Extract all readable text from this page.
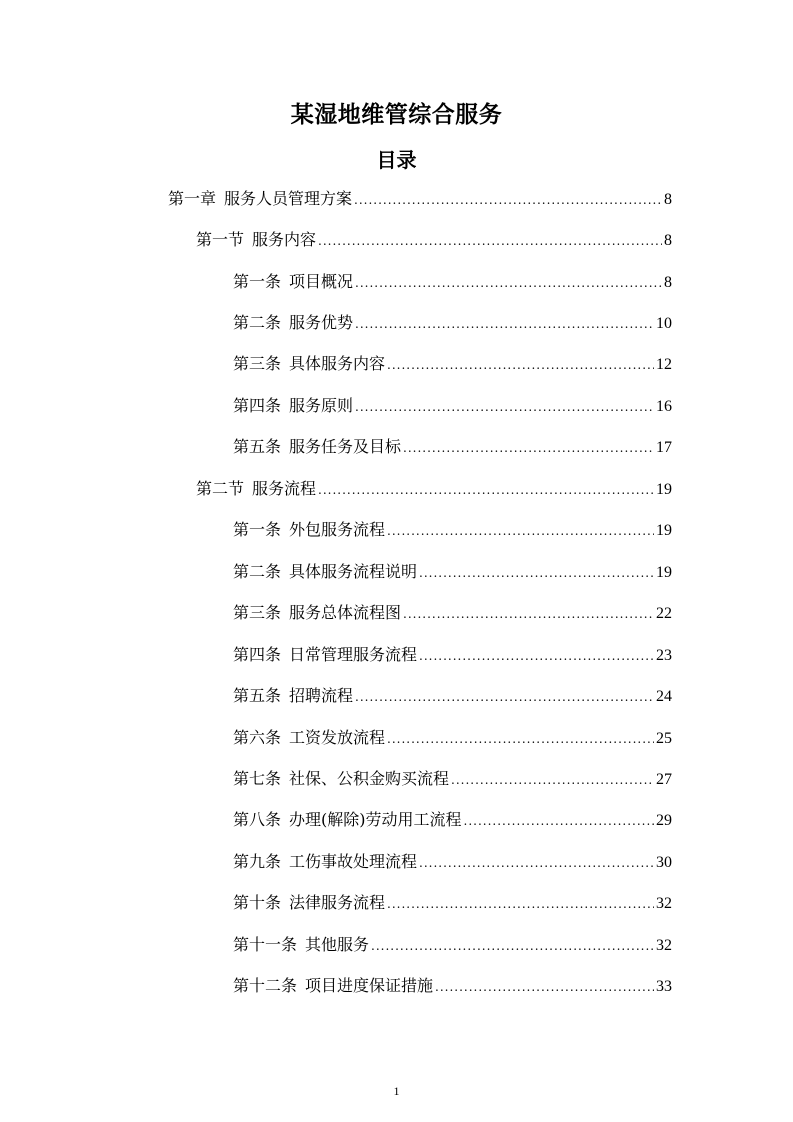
某湿地维管综合服务
目录
第一章 服务人员管理方案 .....	8
第一节 服务内容 .....	8
第一条 项目概况 .....	8
第二条 服务优势 .....	10
第三条 具体服务内容 .....	12
第四条 服务原则 .....	16
第五条 服务任务及目标 .....	17
第二节 服务流程 .....	19
第一条 外包服务流程 .....	19
第二条 具体服务流程说明 .....	19
第三条 服务总体流程图 .....	22
第四条 日常管理服务流程 .....	23
第五条 招聘流程 .....	24
第六条 工资发放流程 .....	25
第七条 社保、公积金购买流程 .....	27
第八条 办理(解除)劳动用工流程 .....	29
第九条 工伤事故处理流程 .....	30
第十条 法律服务流程 .....	32
第十一条 其他服务 .....	32
第十二条 项目进度保证措施 .....	33
1
